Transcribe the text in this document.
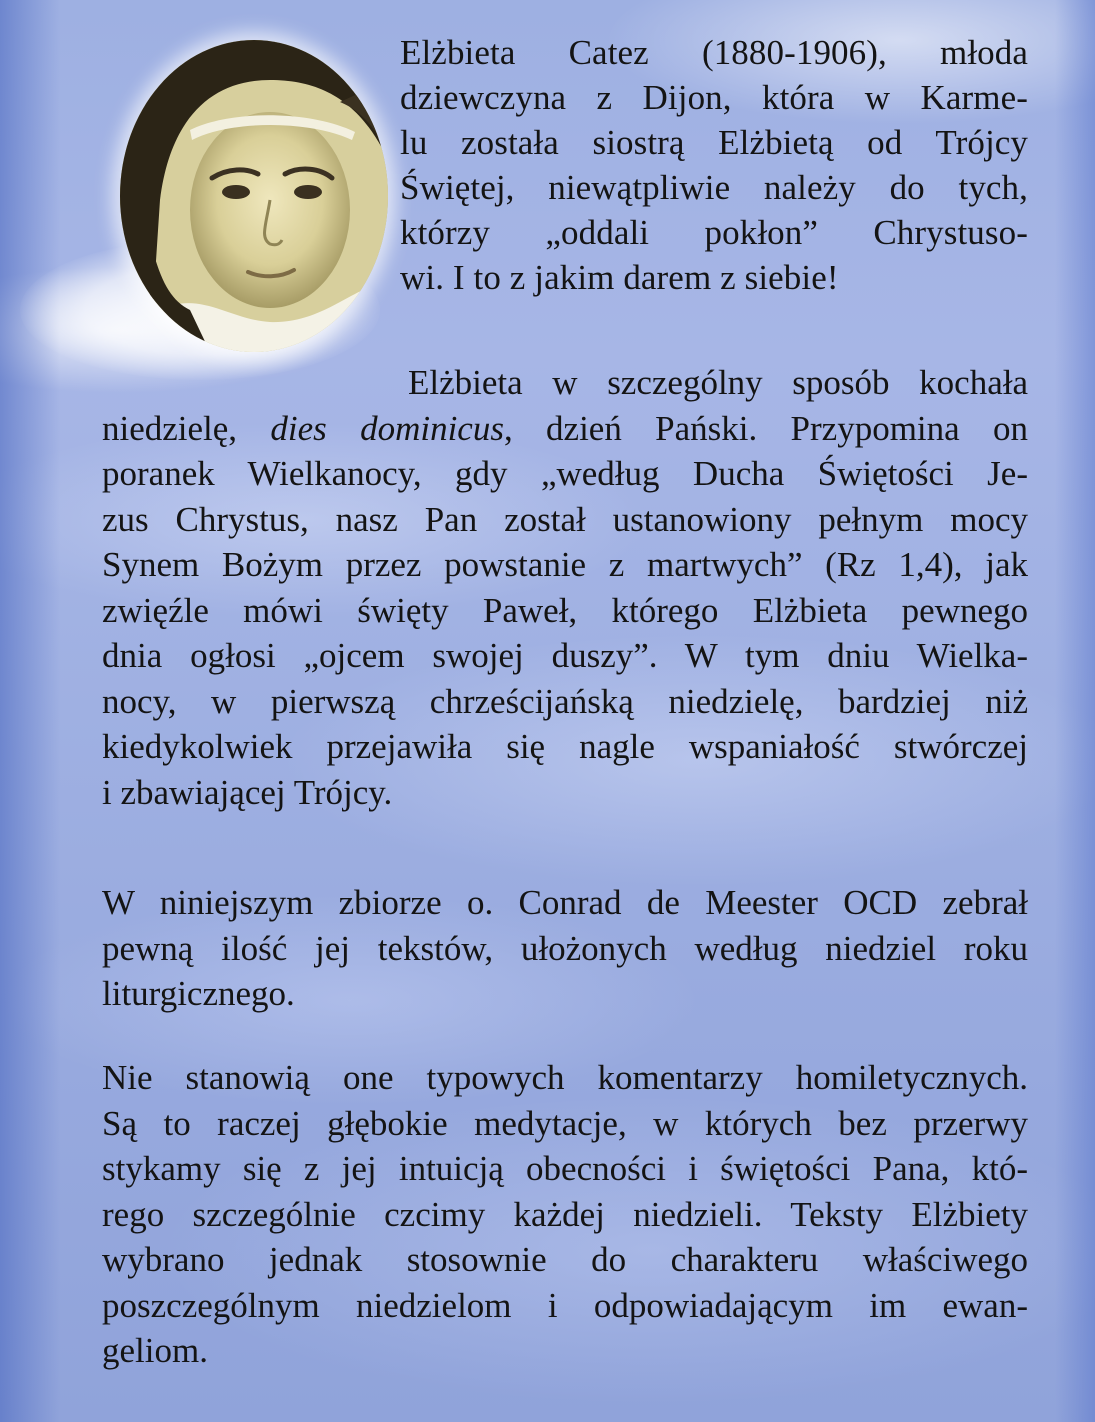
Elżbieta Catez (1880-1906), młoda
dziewczyna z Dijon, która w Karme-
lu została siostrą Elżbietą od Trójcy
Świętej, niewątpliwie należy do tych,
którzy „oddali pokłon” Chrystuso-
wi. I to z jakim darem z siebie!
Elżbieta w szczególny sposób kochała
niedzielę, dies dominicus, dzień Pański. Przypomina on
poranek Wielkanocy, gdy „według Ducha Świętości Je-
zus Chrystus, nasz Pan został ustanowiony pełnym mocy
Synem Bożym przez powstanie z martwych” (Rz 1,4), jak
zwięźle mówi święty Paweł, którego Elżbieta pewnego
dnia ogłosi „ojcem swojej duszy”. W tym dniu Wielka-
nocy, w pierwszą chrześcijańską niedzielę, bardziej niż
kiedykolwiek przejawiła się nagle wspaniałość stwórczej
i zbawiającej Trójcy.
W niniejszym zbiorze o. Conrad de Meester OCD zebrał
pewną ilość jej tekstów, ułożonych według niedziel roku
liturgicznego.
Nie stanowią one typowych komentarzy homiletycznych.
Są to raczej głębokie medytacje, w których bez przerwy
stykamy się z jej intuicją obecności i świętości Pana, któ-
rego szczególnie czcimy każdej niedzieli. Teksty Elżbiety
wybrano jednak stosownie do charakteru właściwego
poszczególnym niedzielom i odpowiadającym im ewan-
geliom.
